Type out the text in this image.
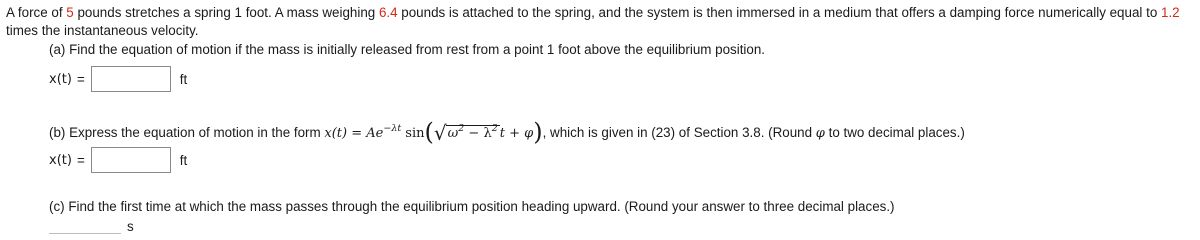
A force of 5 pounds stretches a spring 1 foot. A mass weighing 6.4 pounds is attached to the spring, and the system is then immersed in a medium that offers a damping force numerically equal to 1.2 times the instantaneous velocity.
(a) Find the equation of motion if the mass is initially released from rest from a point 1 foot above the equilibrium position.
x(t) =	ft
(b) Express the equation of motion in the form $x(t) = Ae^{-\lambda t}$ $\sin(√\omega^2 - \lambda^2$ t + φ), which is given in (23) of Section 3.8. (Round φ to two decimal places.)
x(t) =	ft
(c) Find the first time at which the mass passes through the equilibrium position heading upward. (Round your answer to three decimal places.)
s
